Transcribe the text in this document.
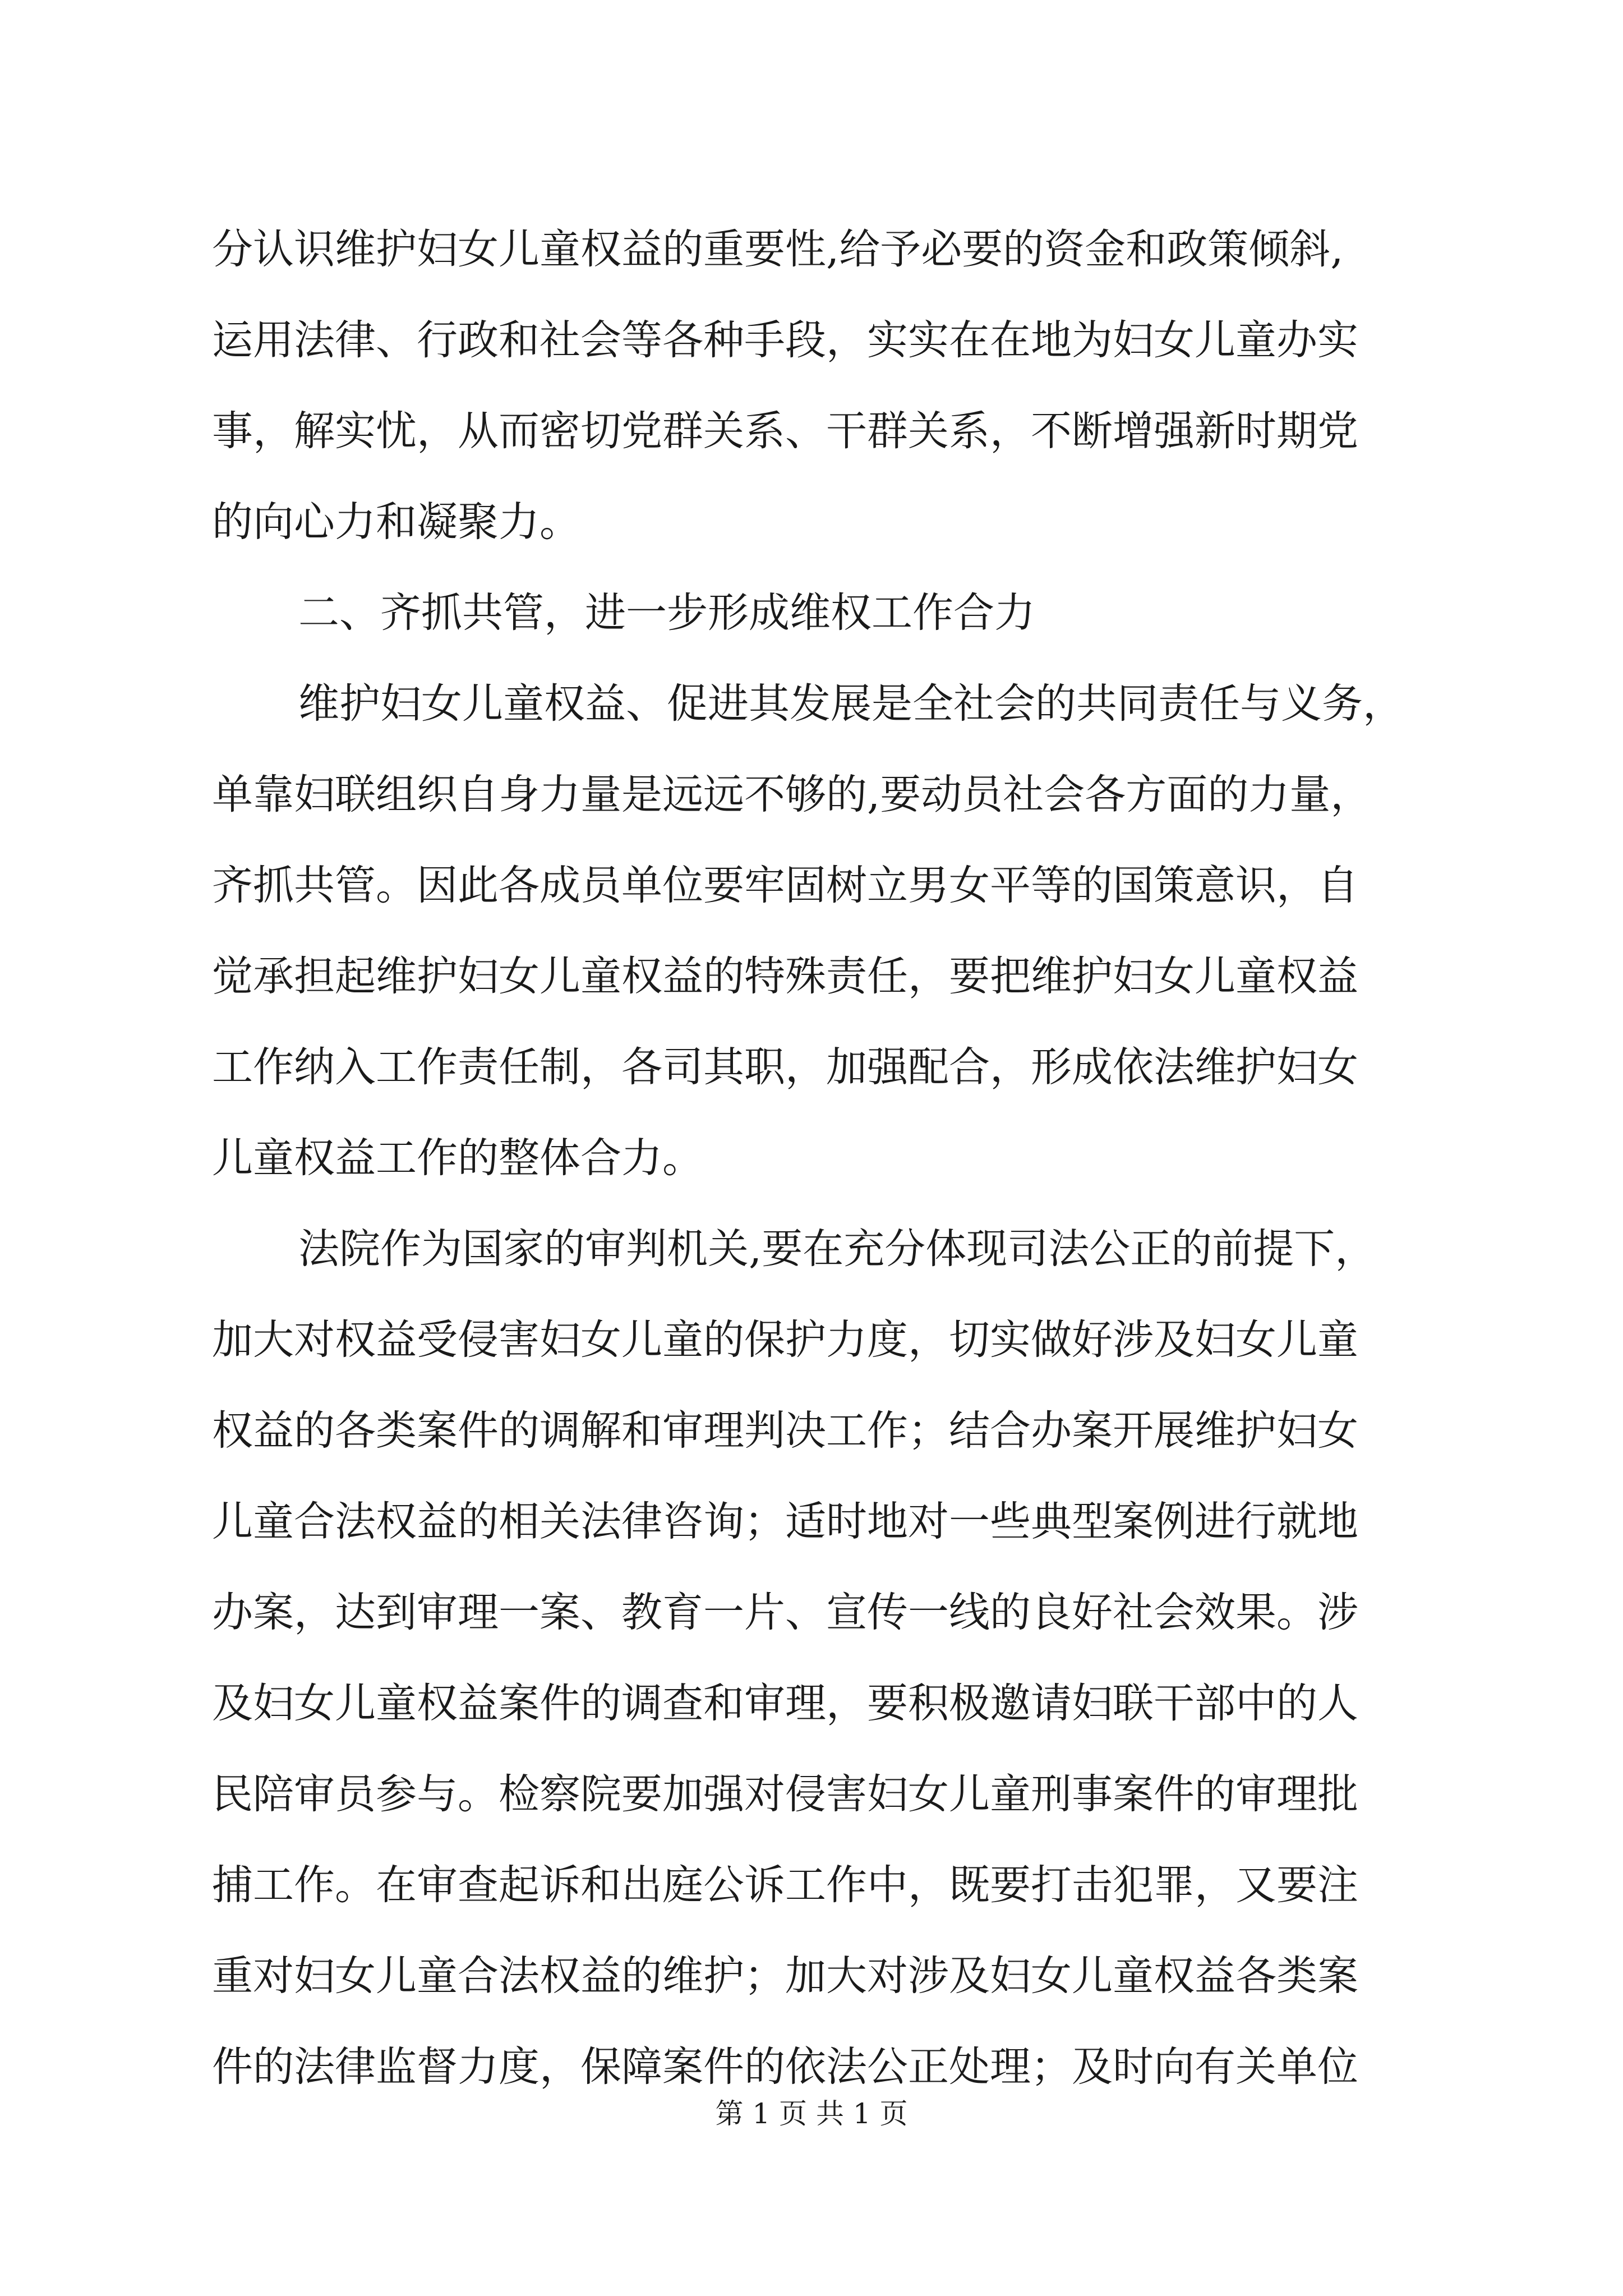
分认识维护妇女儿童权益的重要性,给予必要的资金和政策倾斜,
运用法律、行政和社会等各种手段，实实在在地为妇女儿童办实
事，解实忧，从而密切党群关系、干群关系，不断增强新时期党
的向心力和凝聚力。
二、齐抓共管，进一步形成维权工作合力
维护妇女儿童权益、促进其发展是全社会的共同责任与义务，
单靠妇联组织自身力量是远远不够的,要动员社会各方面的力量，
齐抓共管。因此各成员单位要牢固树立男女平等的国策意识，自
觉承担起维护妇女儿童权益的特殊责任，要把维护妇女儿童权益
工作纳入工作责任制，各司其职，加强配合，形成依法维护妇女
儿童权益工作的整体合力。
法院作为国家的审判机关,要在充分体现司法公正的前提下，
加大对权益受侵害妇女儿童的保护力度，切实做好涉及妇女儿童
权益的各类案件的调解和审理判决工作；结合办案开展维护妇女
儿童合法权益的相关法律咨询；适时地对一些典型案例进行就地
办案，达到审理一案、教育一片、宣传一线的良好社会效果。涉
及妇女儿童权益案件的调查和审理，要积极邀请妇联干部中的人
民陪审员参与。检察院要加强对侵害妇女儿童刑事案件的审理批
捕工作。在审查起诉和出庭公诉工作中，既要打击犯罪，又要注
重对妇女儿童合法权益的维护；加大对涉及妇女儿童权益各类案
件的法律监督力度，保障案件的依法公正处理；及时向有关单位
第 1 页 共 1 页
